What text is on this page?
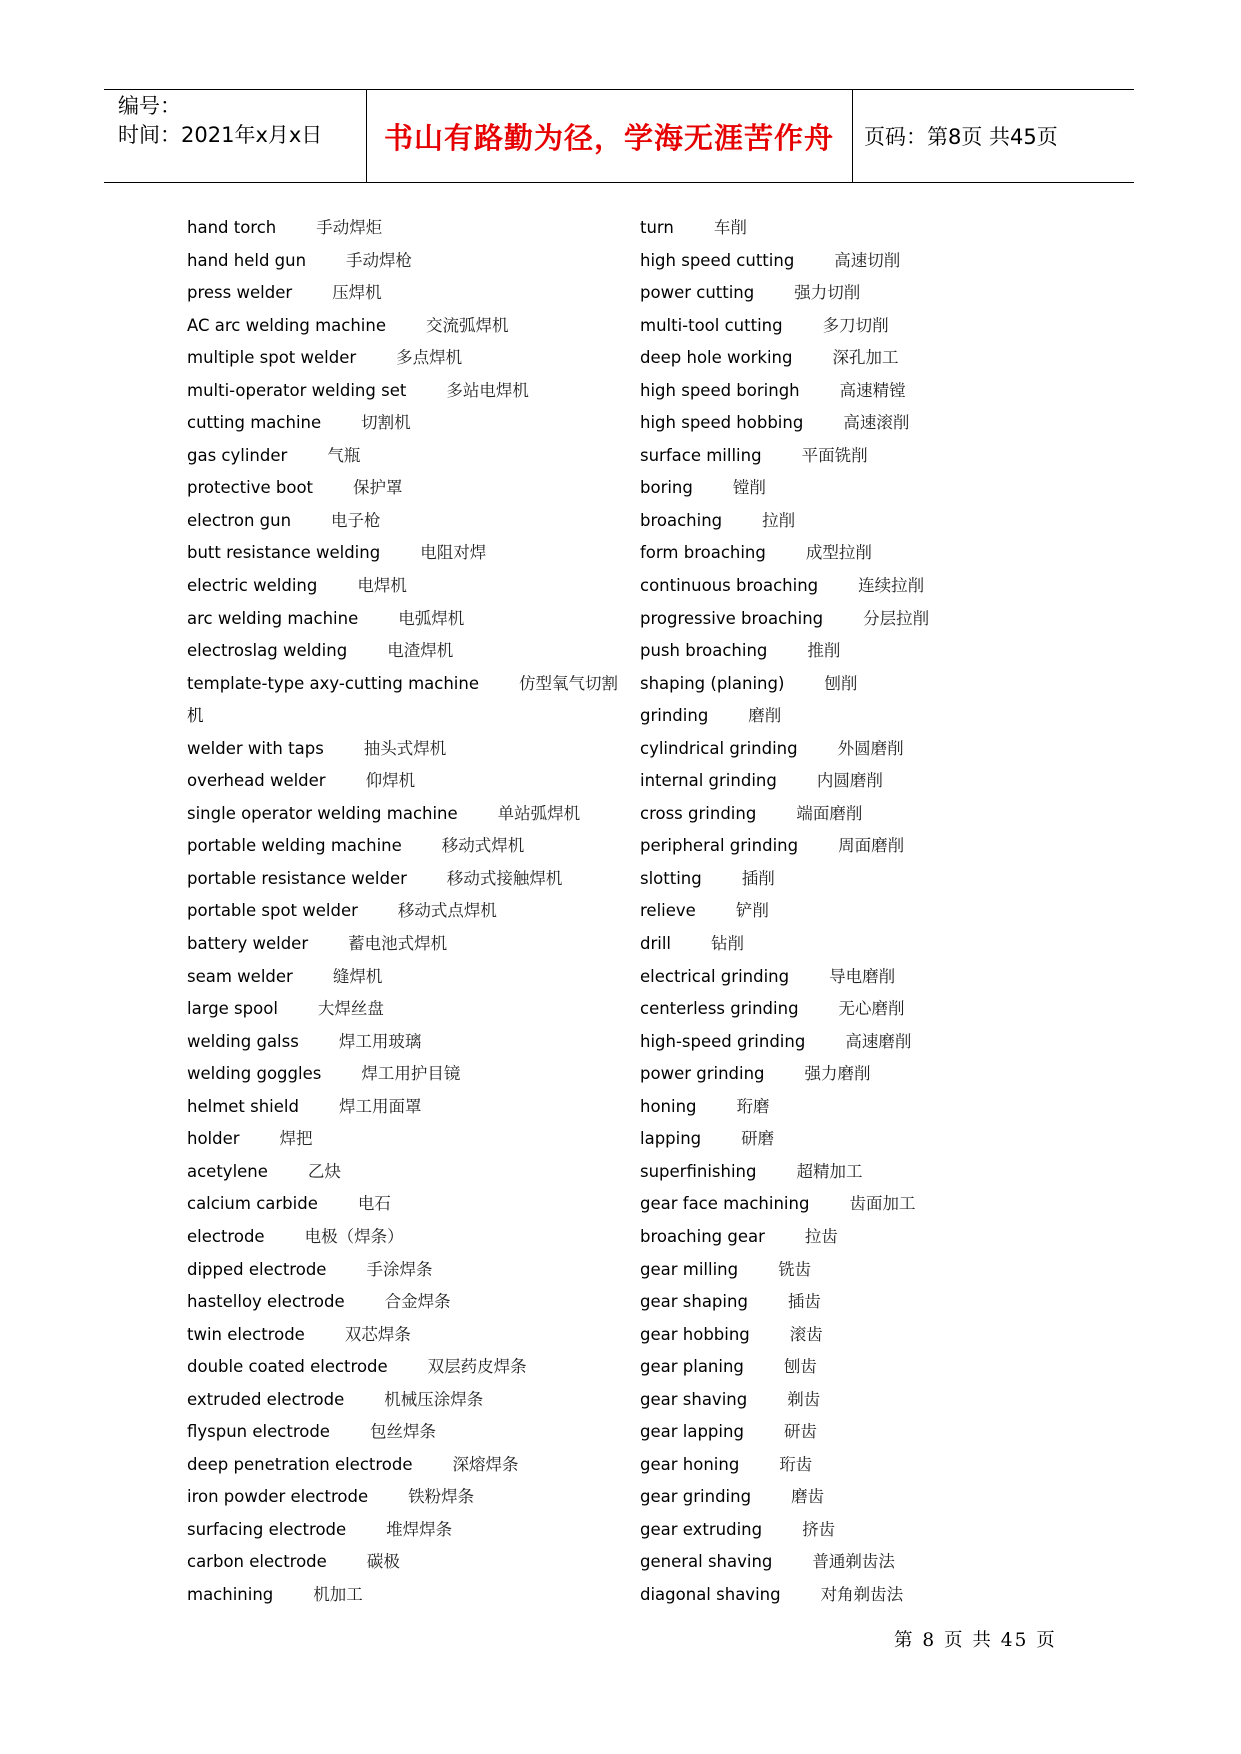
编号：
时间：2021年x月x日	书山有路勤为径，学海无涯苦作舟	页码：第8页 共45页
hand torch 手动焊炬
hand held gun 手动焊枪
press welder 压焊机
AC arc welding machine 交流弧焊机
multiple spot welder 多点焊机
multi-operator welding set 多站电焊机
cutting machine 切割机
gas cylinder 气瓶
protective boot 保护罩
electron gun 电子枪
butt resistance welding 电阻对焊
electric welding 电焊机
arc welding machine 电弧焊机
electroslag welding 电渣焊机
template-type axy-cutting machine 仿型氧气切割
机
welder with taps 抽头式焊机
overhead welder 仰焊机
single operator welding machine 单站弧焊机
portable welding machine 移动式焊机
portable resistance welder 移动式接触焊机
portable spot welder 移动式点焊机
battery welder 蓄电池式焊机
seam welder 缝焊机
large spool 大焊丝盘
welding galss 焊工用玻璃
welding goggles 焊工用护目镜
helmet shield 焊工用面罩
holder 焊把
acetylene 乙炔
calcium carbide 电石
electrode 电极（焊条）
dipped electrode 手涂焊条
hastelloy electrode 合金焊条
twin electrode 双芯焊条
double coated electrode 双层药皮焊条
extruded electrode 机械压涂焊条
flyspun electrode 包丝焊条
deep penetration electrode 深熔焊条
iron powder electrode 铁粉焊条
surfacing electrode 堆焊焊条
carbon electrode 碳极
machining 机加工
turn 车削
high speed cutting 高速切削
power cutting 强力切削
multi-tool cutting 多刀切削
deep hole working 深孔加工
high speed boringh 高速精镗
high speed hobbing 高速滚削
surface milling 平面铣削
boring 镗削
broaching 拉削
form broaching 成型拉削
continuous broaching 连续拉削
progressive broaching 分层拉削
push broaching 推削
shaping (planing) 刨削
grinding 磨削
cylindrical grinding 外圆磨削
internal grinding 内圆磨削
cross grinding 端面磨削
peripheral grinding 周面磨削
slotting 插削
relieve 铲削
drill 钻削
electrical grinding 导电磨削
centerless grinding 无心磨削
high-speed grinding 高速磨削
power grinding 强力磨削
honing 珩磨
lapping 研磨
superfinishing 超精加工
gear face machining 齿面加工
broaching gear 拉齿
gear milling 铣齿
gear shaping 插齿
gear hobbing 滚齿
gear planing 刨齿
gear shaving 剃齿
gear lapping 研齿
gear honing 珩齿
gear grinding 磨齿
gear extruding 挤齿
general shaving 普通剃齿法
diagonal shaving 对角剃齿法
第 8 页 共 45 页
